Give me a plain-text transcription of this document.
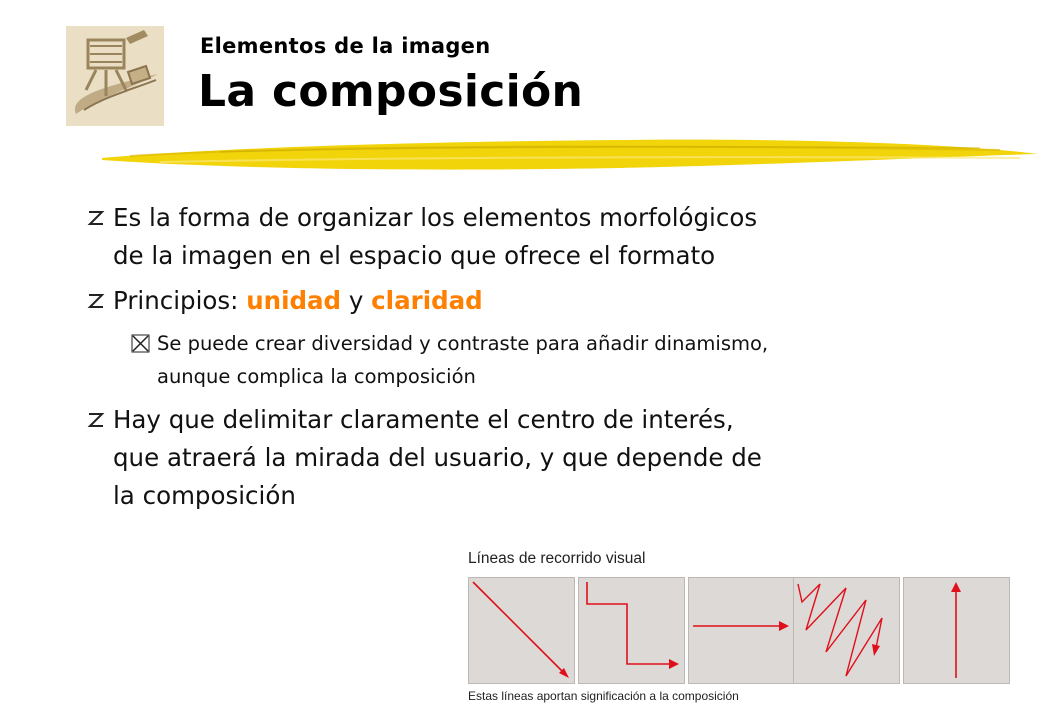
Elementos de la imagen
La composición
Es la forma de organizar los elementos morfológicos
de la imagen en el espacio que ofrece el formato
Principios: unidad y claridad
Se puede crear diversidad y contraste para añadir dinamismo,
aunque complica la composición
Hay que delimitar claramente el centro de interés,
que atraerá la mirada del usuario, y que depende de
la composición
Líneas de recorrido visual
Estas líneas aportan significación a la composición
